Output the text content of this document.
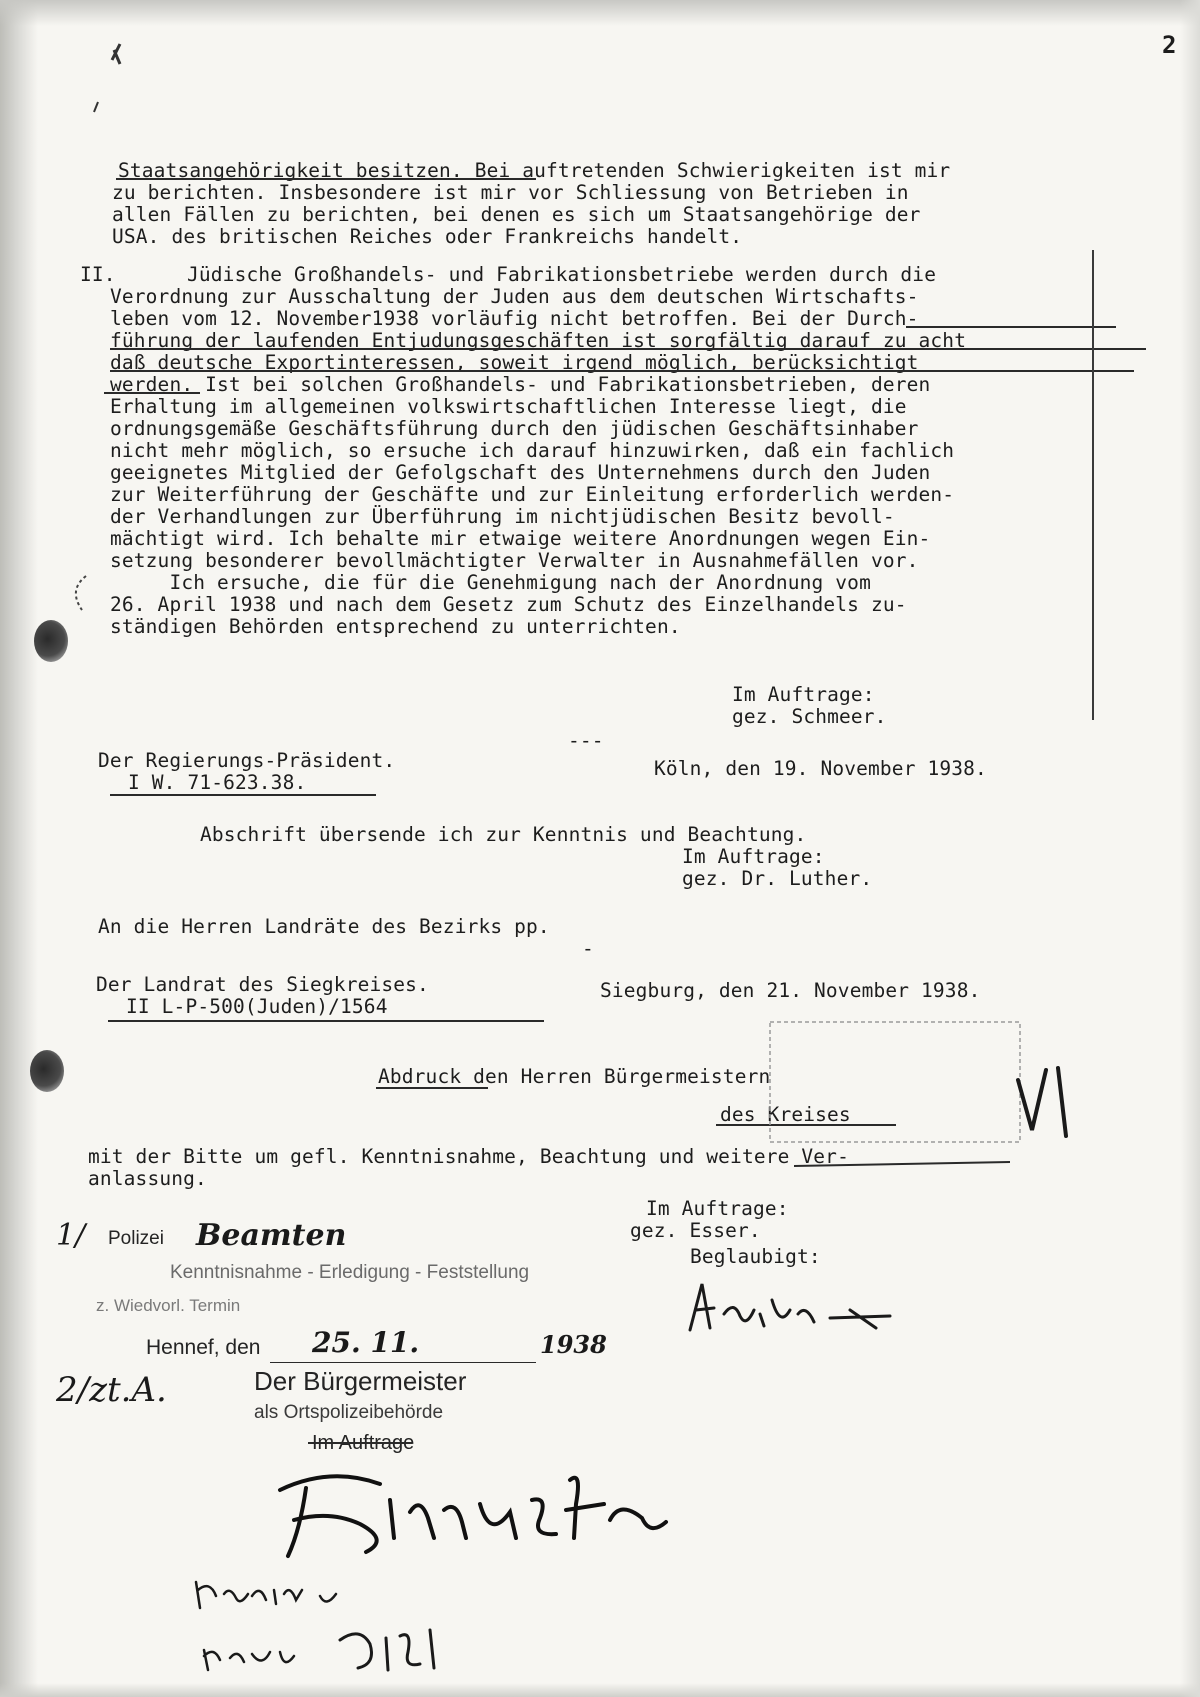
2

Staatsangehörigkeit besitzen. Bei auftretenden Schwierigkeiten ist mir

zu berichten. Insbesondere ist mir vor Schliessung von Betrieben in

allen Fällen zu berichten, bei denen es sich um Staatsangehörige der

USA. des britischen Reiches oder Frankreichs handelt.

II.      Jüdische Großhandels- und Fabrikationsbetriebe werden durch die

Verordnung zur Ausschaltung der Juden aus dem deutschen Wirtschafts-

leben vom 12. November1938 vorläufig nicht betroffen. Bei der Durch-

führung der laufenden Entjudungsgeschäften ist sorgfältig darauf zu acht

daß deutsche Exportinteressen, soweit irgend möglich, berücksichtigt

werden. Ist bei solchen Großhandels- und Fabrikationsbetrieben, deren

Erhaltung im allgemeinen volkswirtschaftlichen Interesse liegt, die

ordnungsgemäße Geschäftsführung durch den jüdischen Geschäftsinhaber

nicht mehr möglich, so ersuche ich darauf hinzuwirken, daß ein fachlich

geeignetes Mitglied der Gefolgschaft des Unternehmens durch den Juden

zur Weiterführung der Geschäfte und zur Einleitung erforderlich werden-

der Verhandlungen zur Überführung im nichtjüdischen Besitz bevoll-

mächtigt wird. Ich behalte mir etwaige weitere Anordnungen wegen Ein-

setzung besonderer bevollmächtigter Verwalter in Ausnahmefällen vor.

Ich ersuche, die für die Genehmigung nach der Anordnung vom

26. April 1938 und nach dem Gesetz zum Schutz des Einzelhandels zu-

ständigen Behörden entsprechend zu unterrichten.

Im Auftrage:

gez. Schmeer.

---

Der Regierungs-Präsident.	Köln, den 19. November 1938.

I W. 71-623.38.

Abschrift übersende ich zur Kenntnis und Beachtung.

Im Auftrage:

gez. Dr. Luther.

An die Herren Landräte des Bezirks pp.

-

Der Landrat des Siegkreises.	Siegburg, den 21. November 1938.

II L-P-500(Juden)/1564

Abdruck den Herren Bürgermeistern

des Kreises

mit der Bitte um gefl. Kenntnisnahme, Beachtung und weitere Ver-

anlassung.

Im Auftrage:

gez. Esser.

Beglaubigt:

1/ Polizei Beamten

Kenntnisnahme - Erledigung - Feststellung

z. Wiedvorl. Termin

Hennef, den 25. 11.	1938

Der Bürgermeister

als Ortspolizeibehörde

Im Auftrage

2/zt.A.
